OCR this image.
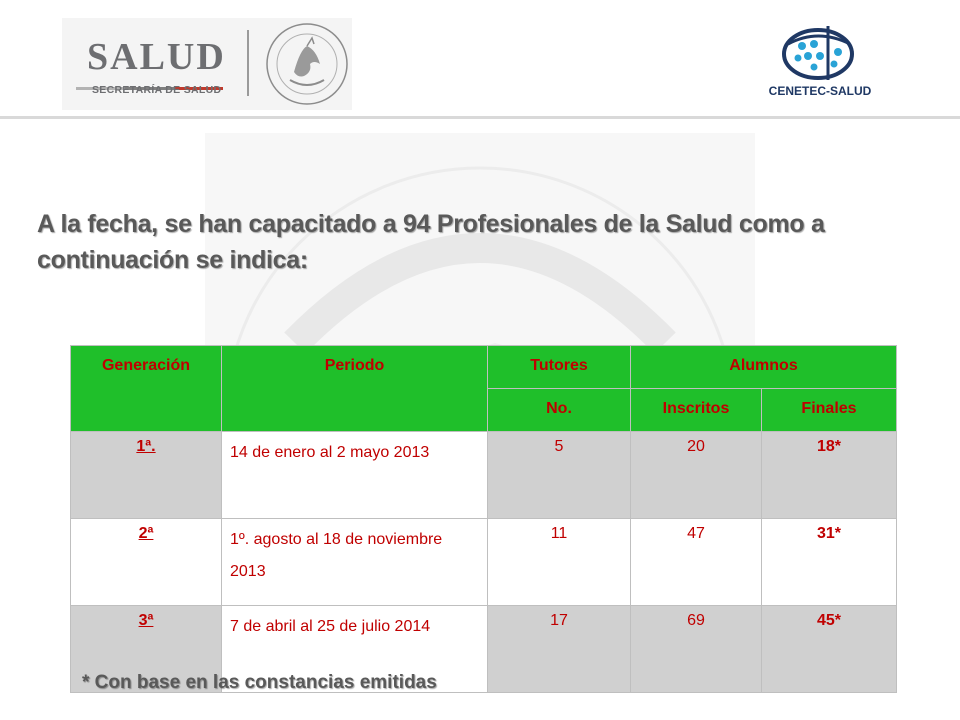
SALUD
SECRETARÍA DE SALUD	CENETEC-SALUD
A la fecha, se han capacitado a 94 Profesionales de la Salud como a continuación se indica:
Generación	Periodo	Tutores	Alumnos	
		No.	Inscritos	Finales
1ª.	14 de enero al 2 mayo 2013	5	20	18*
2ª	1º. agosto al 18 de noviembre 2013	11	47	31*
3ª	7 de abril al 25 de julio 2014	17	69	45*
* Con base en las constancias emitidas
